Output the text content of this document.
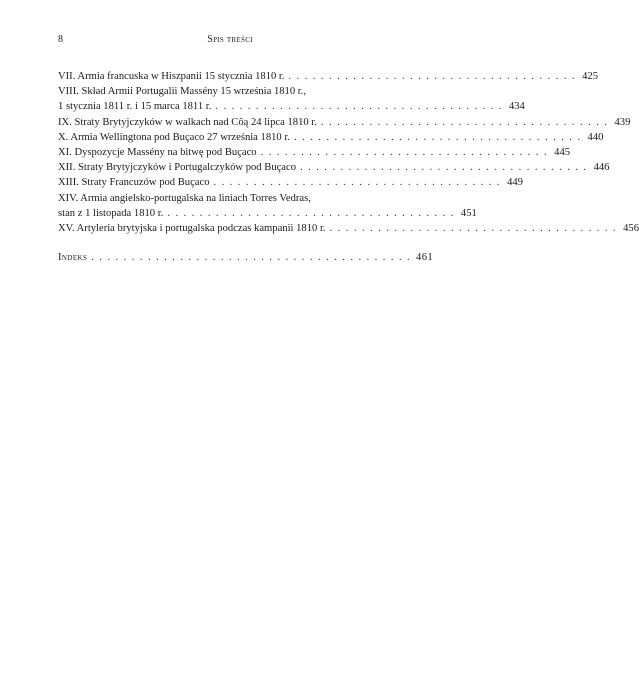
8	Spis treści
VII. Armia francuska w Hiszpanii 15 stycznia 1810 r. . . . . . . . . . . . . . . . . . . . . . . . . . . . . . . . . . . . . 425
VIII. Skład Armii Portugalii Massény 15 września 1810 r.,
1 stycznia 1811 r. i 15 marca 1811 r. . . . . . . . . . . . . . . . . . . . . . . . . . . . . . . . . . . . . 434
IX. Straty Brytyjczyków w walkach nad Côą 24 lipca 1810 r. . . . . . . . . . . . . . . . . . . . . . . . . . . . . . . . . . . . . 439
X. Armia Wellingtona pod Buçaco 27 września 1810 r. . . . . . . . . . . . . . . . . . . . . . . . . . . . . . . . . . . . . 440
XI. Dyspozycje Massény na bitwę pod Buçaco . . . . . . . . . . . . . . . . . . . . . . . . . . . . . . . . . . . . 445
XII. Straty Brytyjczyków i Portugalczyków pod Buçaco . . . . . . . . . . . . . . . . . . . . . . . . . . . . . . . . . . . . 446
XIII. Straty Francuzów pod Buçaco . . . . . . . . . . . . . . . . . . . . . . . . . . . . . . . . . . . . 449
XIV. Armia angielsko-portugalska na liniach Torres Vedras,
stan z 1 listopada 1810 r. . . . . . . . . . . . . . . . . . . . . . . . . . . . . . . . . . . . . 451
XV. Artyleria brytyjska i portugalska podczas kampanii 1810 r. . . . . . . . . . . . . . . . . . . . . . . . . . . . . . . . . . . . . 456
Indeks . . . . . . . . . . . . . . . . . . . . . . . . . . . . . . . . . . . . . . . . 461
